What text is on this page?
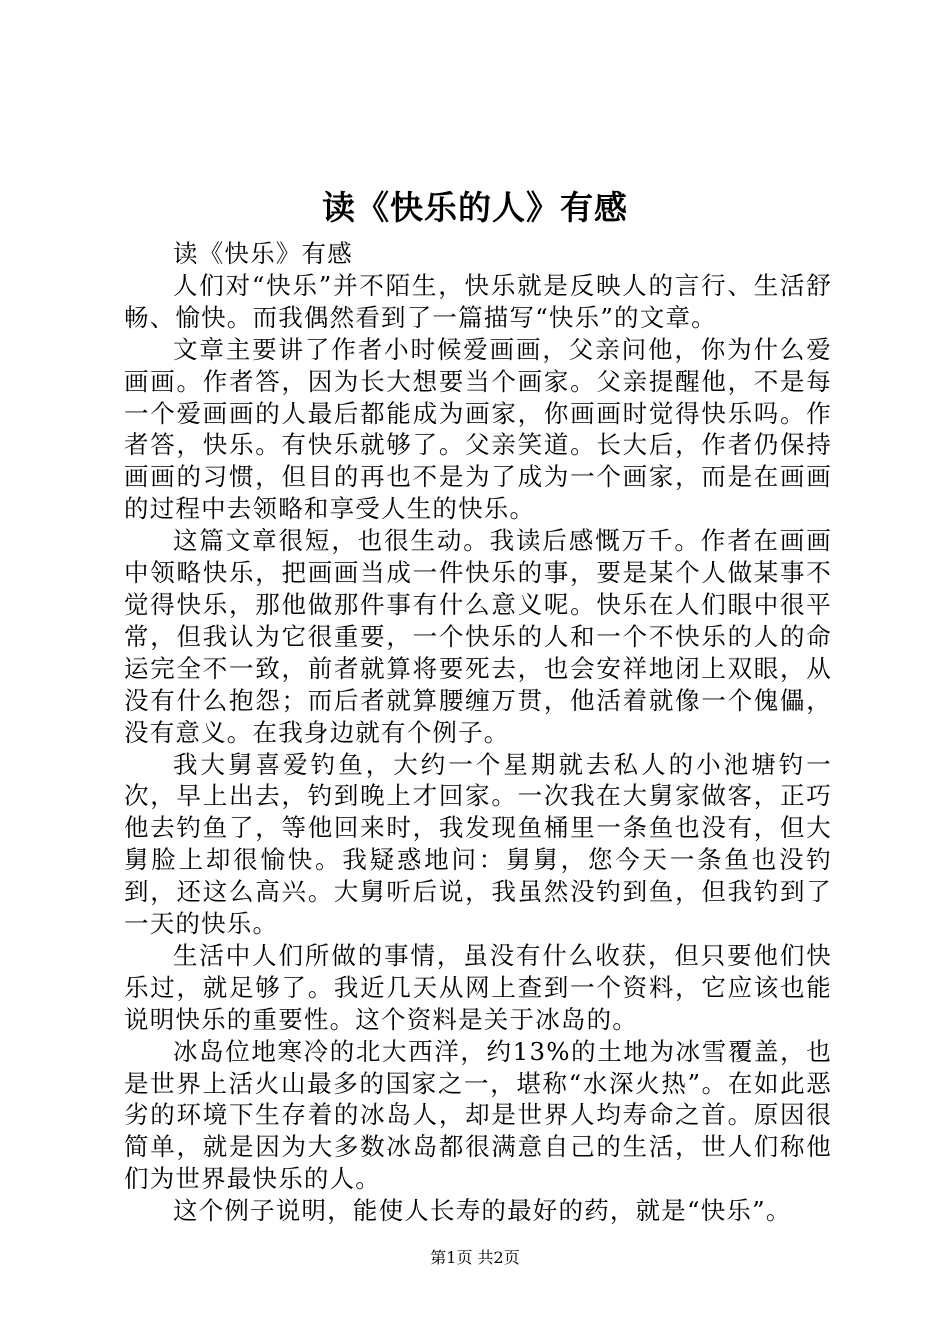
读《快乐的人》有感

读《快乐》有感

人们对“快乐”并不陌生，快乐就是反映人的言行、生活舒畅、愉快。而我偶然看到了一篇描写“快乐”的文章。

文章主要讲了作者小时候爱画画，父亲问他，你为什么爱画画。作者答，因为长大想要当个画家。父亲提醒他，不是每一个爱画画的人最后都能成为画家，你画画时觉得快乐吗。作者答，快乐。有快乐就够了。父亲笑道。长大后，作者仍保持画画的习惯，但目的再也不是为了成为一个画家，而是在画画的过程中去领略和享受人生的快乐。

这篇文章很短，也很生动。我读后感慨万千。作者在画画中领略快乐，把画画当成一件快乐的事，要是某个人做某事不觉得快乐，那他做那件事有什么意义呢。快乐在人们眼中很平常，但我认为它很重要，一个快乐的人和一个不快乐的人的命运完全不一致，前者就算将要死去，也会安祥地闭上双眼，从没有什么抱怨；而后者就算腰缠万贯，他活着就像一个傀儡，没有意义。在我身边就有个例子。

我大舅喜爱钓鱼，大约一个星期就去私人的小池塘钓一次，早上出去，钓到晚上才回家。一次我在大舅家做客，正巧他去钓鱼了，等他回来时，我发现鱼桶里一条鱼也没有，但大舅脸上却很愉快。我疑惑地问：舅舅，您今天一条鱼也没钓到，还这么高兴。大舅听后说，我虽然没钓到鱼，但我钓到了一天的快乐。

生活中人们所做的事情，虽没有什么收获，但只要他们快乐过，就足够了。我近几天从网上查到一个资料，它应该也能说明快乐的重要性。这个资料是关于冰岛的。

冰岛位地寒冷的北大西洋，约13%的土地为冰雪覆盖，也是世界上活火山最多的国家之一，堪称“水深火热”。在如此恶劣的环境下生存着的冰岛人，却是世界人均寿命之首。原因很简单，就是因为大多数冰岛都很满意自己的生活，世人们称他们为世界最快乐的人。

这个例子说明，能使人长寿的最好的药，就是“快乐”。

第1页 共2页
